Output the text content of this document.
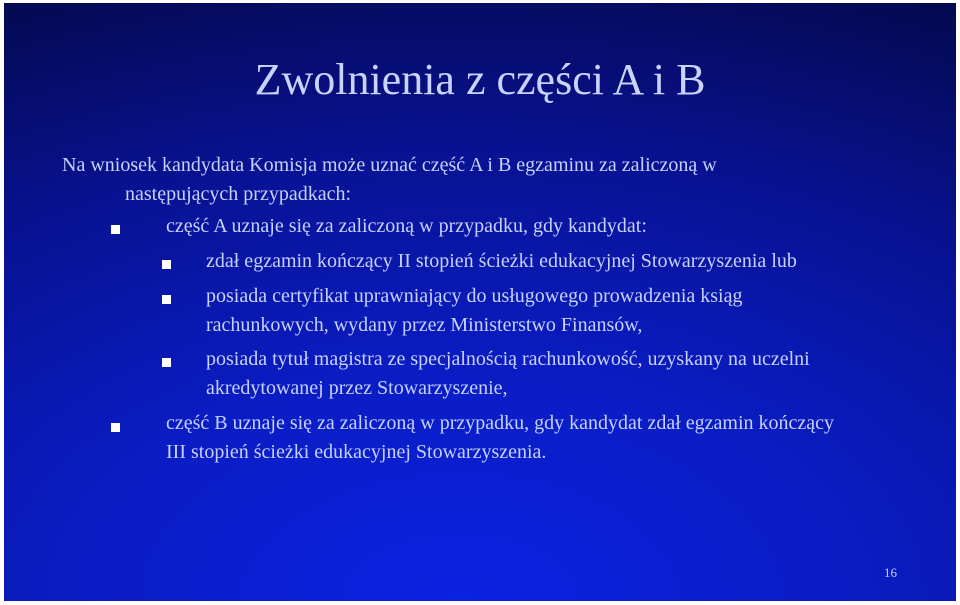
Zwolnienia z części A i B
Na wniosek kandydata Komisja może uznać część A i B egzaminu za zaliczoną w
następujących przypadkach:
część A uznaje się za zaliczoną w przypadku, gdy kandydat:
zdał egzamin kończący II stopień ścieżki edukacyjnej Stowarzyszenia lub
posiada certyfikat uprawniający do usługowego prowadzenia ksiąg rachunkowych, wydany przez Ministerstwo Finansów,
posiada tytuł magistra ze specjalnością rachunkowość, uzyskany na uczelni akredytowanej przez Stowarzyszenie,
część B uznaje się za zaliczoną w przypadku, gdy kandydat zdał egzamin kończący III stopień ścieżki edukacyjnej Stowarzyszenia.
16
